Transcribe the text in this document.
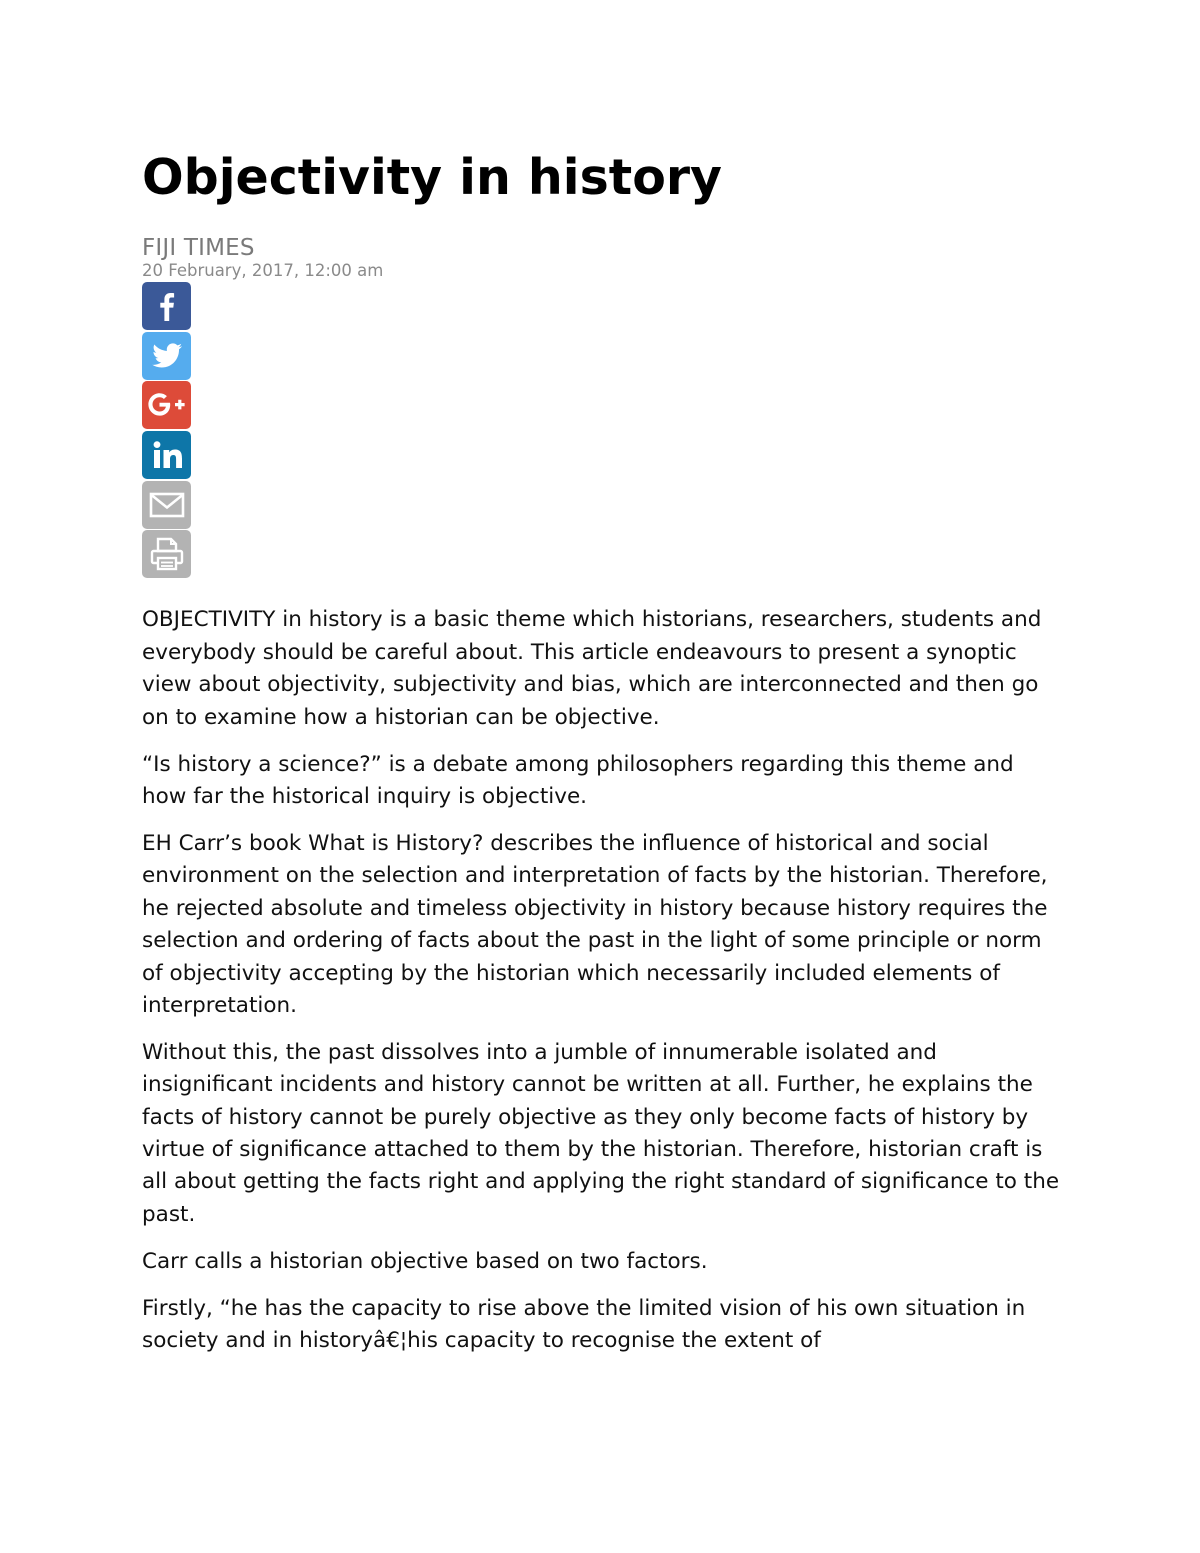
Objectivity in history
FIJI TIMES
20 February, 2017, 12:00 am

OBJECTIVITY in history is a basic theme which historians, researchers, students and everybody should be careful about. This article endeavours to present a synoptic view about objectivity, subjectivity and bias, which are interconnected and then go on to examine how a historian can be objective.

“Is history a science?” is a debate among philosophers regarding this theme and how far the historical inquiry is objective.

EH Carr’s book What is History? describes the influence of historical and social environment on the selection and interpretation of facts by the historian. Therefore, he rejected absolute and timeless objectivity in history because history requires the selection and ordering of facts about the past in the light of some principle or norm of objectivity accepting by the historian which necessarily included elements of interpretation.

Without this, the past dissolves into a jumble of innumerable isolated and insignificant incidents and history cannot be written at all. Further, he explains the facts of history cannot be purely objective as they only become facts of history by virtue of significance attached to them by the historian. Therefore, historian craft is all about getting the facts right and applying the right standard of significance to the past.

Carr calls a historian objective based on two factors.

Firstly, “he has the capacity to rise above the limited vision of his own situation in society and in historyâ€¦his capacity to recognise the extent of
